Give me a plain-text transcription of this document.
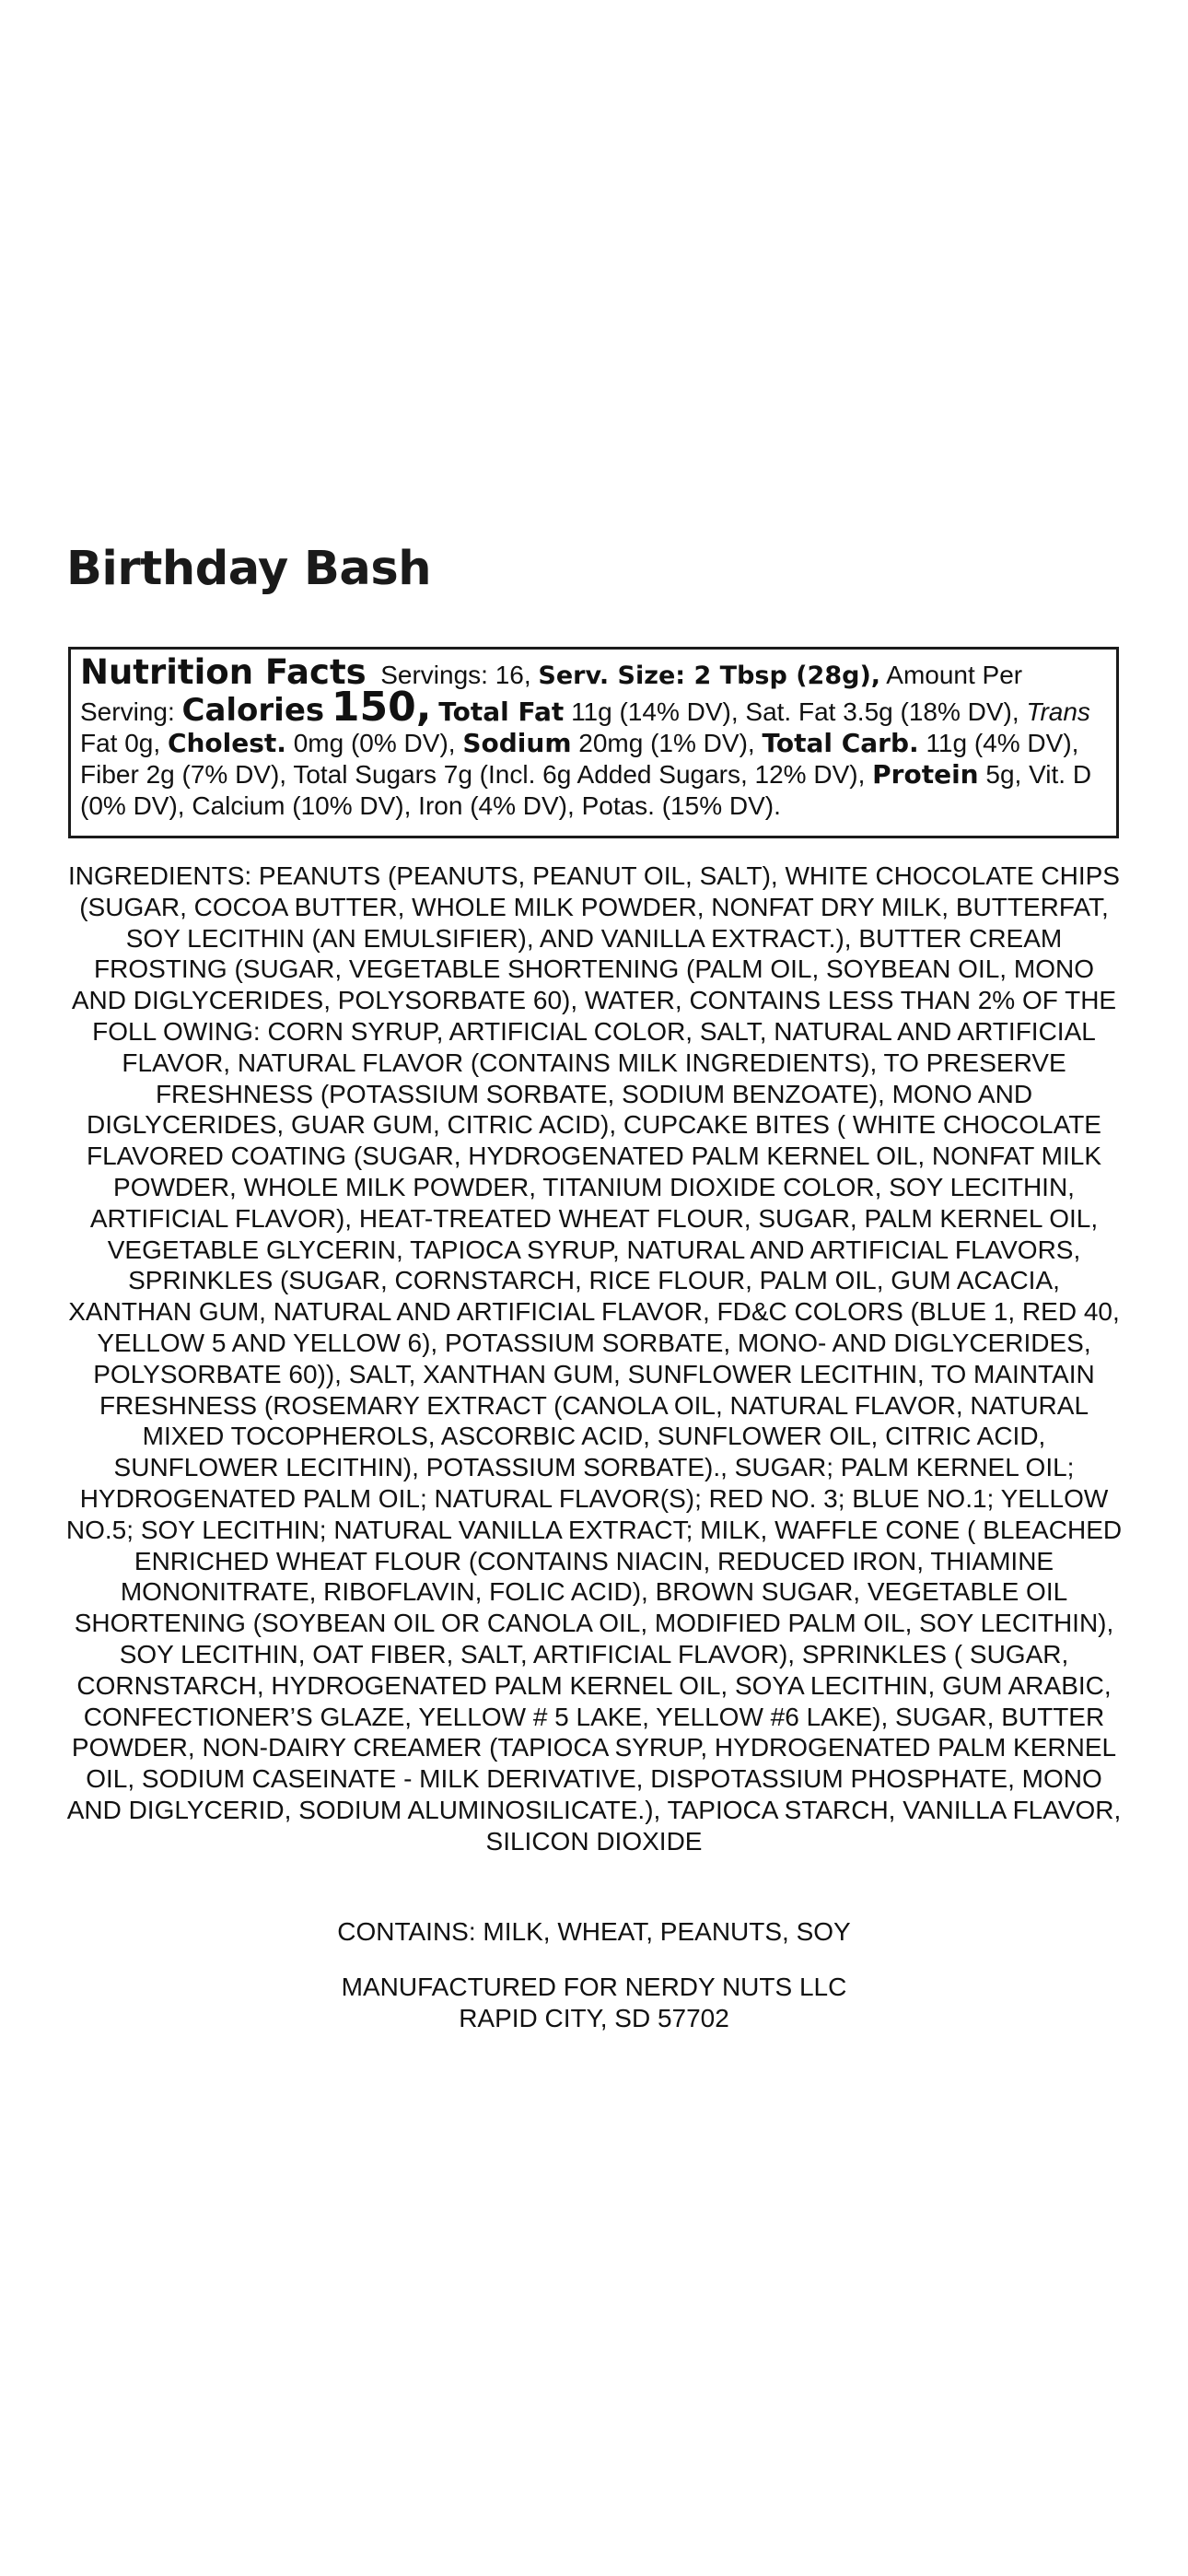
Birthday Bash
Nutrition Facts Servings: 16, Serv. Size: 2 Tbsp (28g), Amount Per Serving: Calories 150, Total Fat 11g (14% DV), Sat. Fat 3.5g (18% DV), Trans Fat 0g, Cholest. 0mg (0% DV), Sodium 20mg (1% DV), Total Carb. 11g (4% DV), Fiber 2g (7% DV), Total Sugars 7g (Incl. 6g Added Sugars, 12% DV), Protein 5g, Vit. D (0% DV), Calcium (10% DV), Iron (4% DV), Potas. (15% DV).

INGREDIENTS: PEANUTS (PEANUTS, PEANUT OIL, SALT), WHITE CHOCOLATE CHIPS (SUGAR, COCOA BUTTER, WHOLE MILK POWDER, NONFAT DRY MILK, BUTTERFAT, SOY LECITHIN (AN EMULSIFIER), AND VANILLA EXTRACT.), BUTTER CREAM FROSTING (SUGAR, VEGETABLE SHORTENING (PALM OIL, SOYBEAN OIL, MONO AND DIGLYCERIDES, POLYSORBATE 60), WATER, CONTAINS LESS THAN 2% OF THE FOLL OWING: CORN SYRUP, ARTIFICIAL COLOR, SALT, NATURAL AND ARTIFICIAL FLAVOR, NATURAL FLAVOR (CONTAINS MILK INGREDIENTS), TO PRESERVE FRESHNESS (POTASSIUM SORBATE, SODIUM BENZOATE), MONO AND DIGLYCERIDES, GUAR GUM, CITRIC ACID), CUPCAKE BITES ( WHITE CHOCOLATE FLAVORED COATING (SUGAR, HYDROGENATED PALM KERNEL OIL, NONFAT MILK POWDER, WHOLE MILK POWDER, TITANIUM DIOXIDE COLOR, SOY LECITHIN, ARTIFICIAL FLAVOR), HEAT-TREATED WHEAT FLOUR, SUGAR, PALM KERNEL OIL, VEGETABLE GLYCERIN, TAPIOCA SYRUP, NATURAL AND ARTIFICIAL FLAVORS, SPRINKLES (SUGAR, CORNSTARCH, RICE FLOUR, PALM OIL, GUM ACACIA, XANTHAN GUM, NATURAL AND ARTIFICIAL FLAVOR, FD&C COLORS (BLUE 1, RED 40, YELLOW 5 AND YELLOW 6), POTASSIUM SORBATE, MONO- AND DIGLYCERIDES, POLYSORBATE 60)), SALT, XANTHAN GUM, SUNFLOWER LECITHIN, TO MAINTAIN FRESHNESS (ROSEMARY EXTRACT (CANOLA OIL, NATURAL FLAVOR, NATURAL MIXED TOCOPHEROLS, ASCORBIC ACID, SUNFLOWER OIL, CITRIC ACID, SUNFLOWER LECITHIN), POTASSIUM SORBATE)., SUGAR; PALM KERNEL OIL; HYDROGENATED PALM OIL; NATURAL FLAVOR(S); RED NO. 3; BLUE NO.1; YELLOW NO.5; SOY LECITHIN; NATURAL VANILLA EXTRACT; MILK, WAFFLE CONE ( BLEACHED ENRICHED WHEAT FLOUR (CONTAINS NIACIN, REDUCED IRON, THIAMINE MONONITRATE, RIBOFLAVIN, FOLIC ACID), BROWN SUGAR, VEGETABLE OIL SHORTENING (SOYBEAN OIL OR CANOLA OIL, MODIFIED PALM OIL, SOY LECITHIN), SOY LECITHIN, OAT FIBER, SALT, ARTIFICIAL FLAVOR), SPRINKLES ( SUGAR, CORNSTARCH, HYDROGENATED PALM KERNEL OIL, SOYA LECITHIN, GUM ARABIC, CONFECTIONER’S GLAZE, YELLOW # 5 LAKE, YELLOW #6 LAKE), SUGAR, BUTTER POWDER, NON-DAIRY CREAMER (TAPIOCA SYRUP, HYDROGENATED PALM KERNEL OIL, SODIUM CASEINATE - MILK DERIVATIVE, DISPOTASSIUM PHOSPHATE, MONO AND DIGLYCERID, SODIUM ALUMINOSILICATE.), TAPIOCA STARCH, VANILLA FLAVOR, SILICON DIOXIDE

CONTAINS: MILK, WHEAT, PEANUTS, SOY

MANUFACTURED FOR NERDY NUTS LLC
RAPID CITY, SD 57702
